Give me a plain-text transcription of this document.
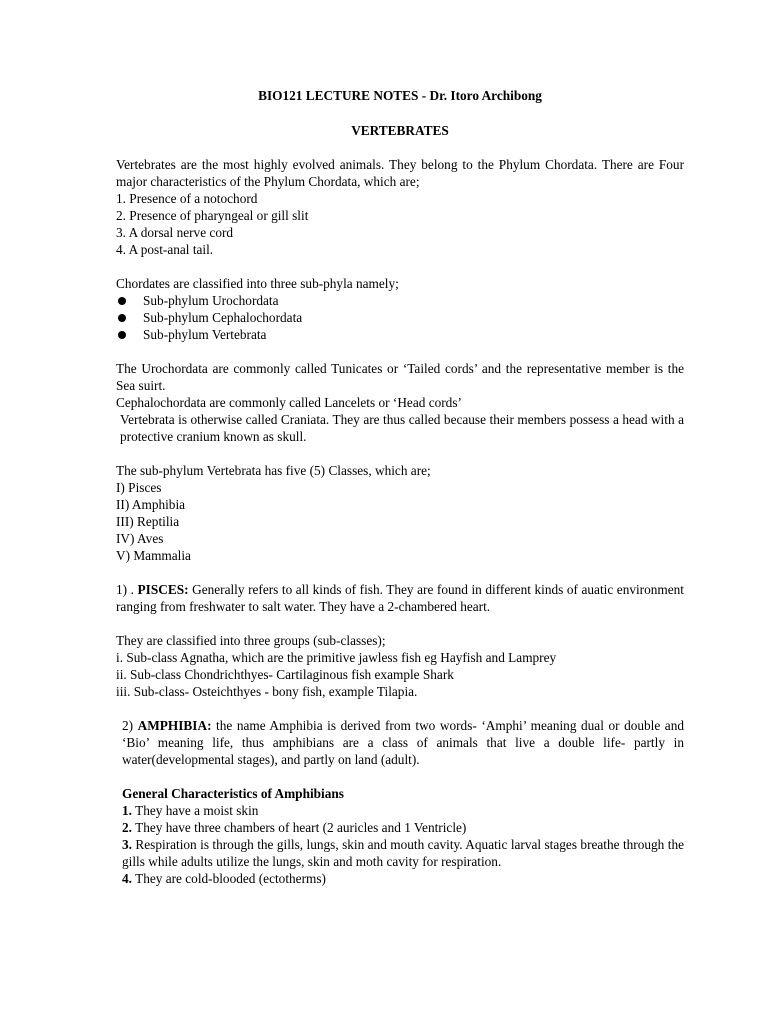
BIO121 LECTURE NOTES - Dr. Itoro Archibong

VERTEBRATES

Vertebrates are the most highly evolved animals. They belong to the Phylum Chordata. There are Four major characteristics of the Phylum Chordata, which are;

1. Presence of a notochord
2. Presence of pharyngeal or gill slit
3. A dorsal nerve cord
4. A post-anal tail.

Chordates are classified into three sub-phyla namely;

Sub-phylum Urochordata
Sub-phylum Cephalochordata
Sub-phylum Vertebrata

The Urochordata are commonly called Tunicates or ‘Tailed cords’ and the representative member is the Sea suirt.

Cephalochordata are commonly called Lancelets or ‘Head cords’

Vertebrata is otherwise called Craniata. They are thus called because their members possess a head with a protective cranium known as skull.

The sub-phylum Vertebrata has five (5) Classes, which are;

I) Pisces
II) Amphibia
III) Reptilia
IV) Aves
V) Mammalia

1) . PISCES: Generally refers to all kinds of fish. They are found in different kinds of auatic environment ranging from freshwater to salt water. They have a 2-chambered heart.

They are classified into three groups (sub-classes);

i. Sub-class Agnatha, which are the primitive jawless fish eg Hayfish and Lamprey
ii. Sub-class Chondrichthyes- Cartilaginous fish example Shark
iii. Sub-class- Osteichthyes - bony fish, example Tilapia.

2) AMPHIBIA: the name Amphibia is derived from two words- ‘Amphi’ meaning dual or double and ‘Bio’ meaning life, thus amphibians are a class of animals that live a double life- partly in water(developmental stages), and partly on land (adult).

General Characteristics of Amphibians

1. They have a moist skin

2. They have three chambers of heart (2 auricles and 1 Ventricle)

3. Respiration is through the gills, lungs, skin and mouth cavity. Aquatic larval stages breathe through the gills while adults utilize the lungs, skin and moth cavity for respiration.

4. They are cold-blooded (ectotherms)
